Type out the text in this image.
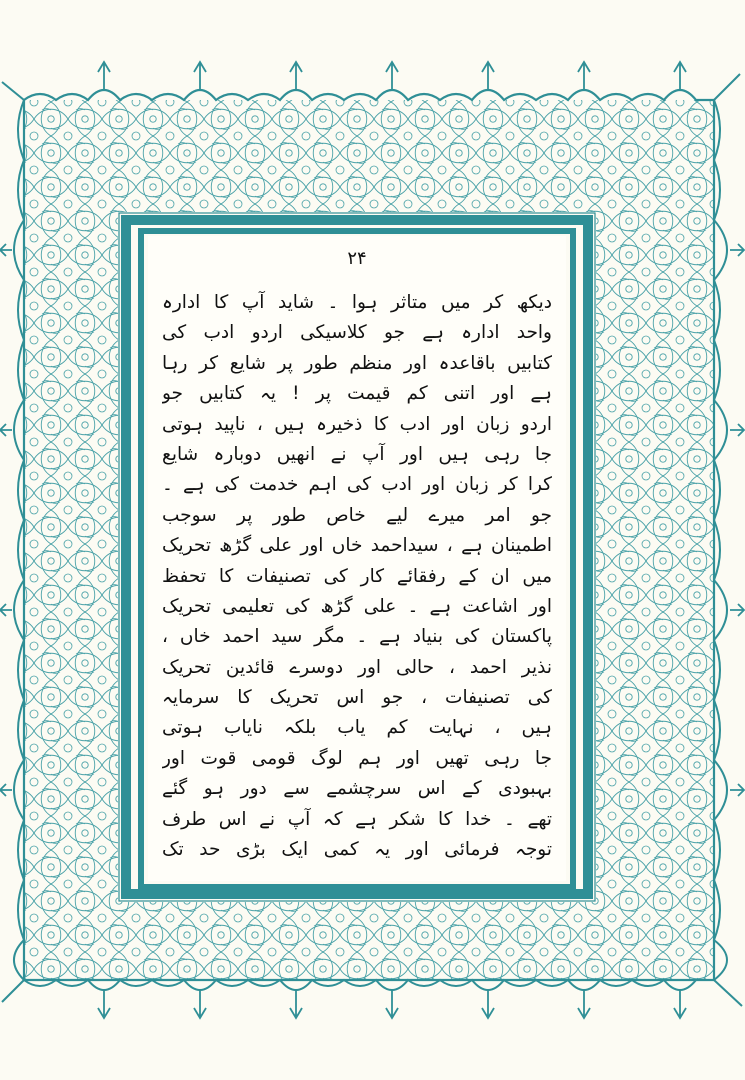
۲۴
دیکھ کر میں متاثر ہوا ۔ شاید آپ کا ادارہ
واحد ادارہ ہے جو کلاسیکی اردو ادب کی
کتابیں باقاعدہ اور منظم طور پر شایع کر رہا
ہے اور اتنی کم قیمت پر ! یہ کتابیں جو
اردو زبان اور ادب کا ذخیرہ ہیں ، ناپید ہوتی
جا رہی ہیں اور آپ نے انھیں دوبارہ شایع
کرا کر زبان اور ادب کی اہم خدمت کی ہے ۔
جو امر میرے لیے خاص طور پر سوجب
اطمینان ہے ، سیداحمد خاں اور علی گڑھ تحریک
میں ان کے رفقائے کار کی تصنیفات کا تحفظ
اور اشاعت ہے ۔ علی گڑھ کی تعلیمی تحریک
پاکستان کی بنیاد ہے ۔ مگر سید احمد خاں ،
نذیر احمد ، حالی اور دوسرے قائدین تحریک
کی تصنیفات ، جو اس تحریک کا سرمایہ
ہیں ، نہایت کم یاب بلکہ نایاب ہوتی
جا رہی تھیں اور ہم لوگ قومی قوت اور
بہبودی کے اس سرچشمے سے دور ہو گئے
تھے ۔ خدا کا شکر ہے کہ آپ نے اس طرف
توجہ فرمائی اور یہ کمی ایک بڑی حد تک
